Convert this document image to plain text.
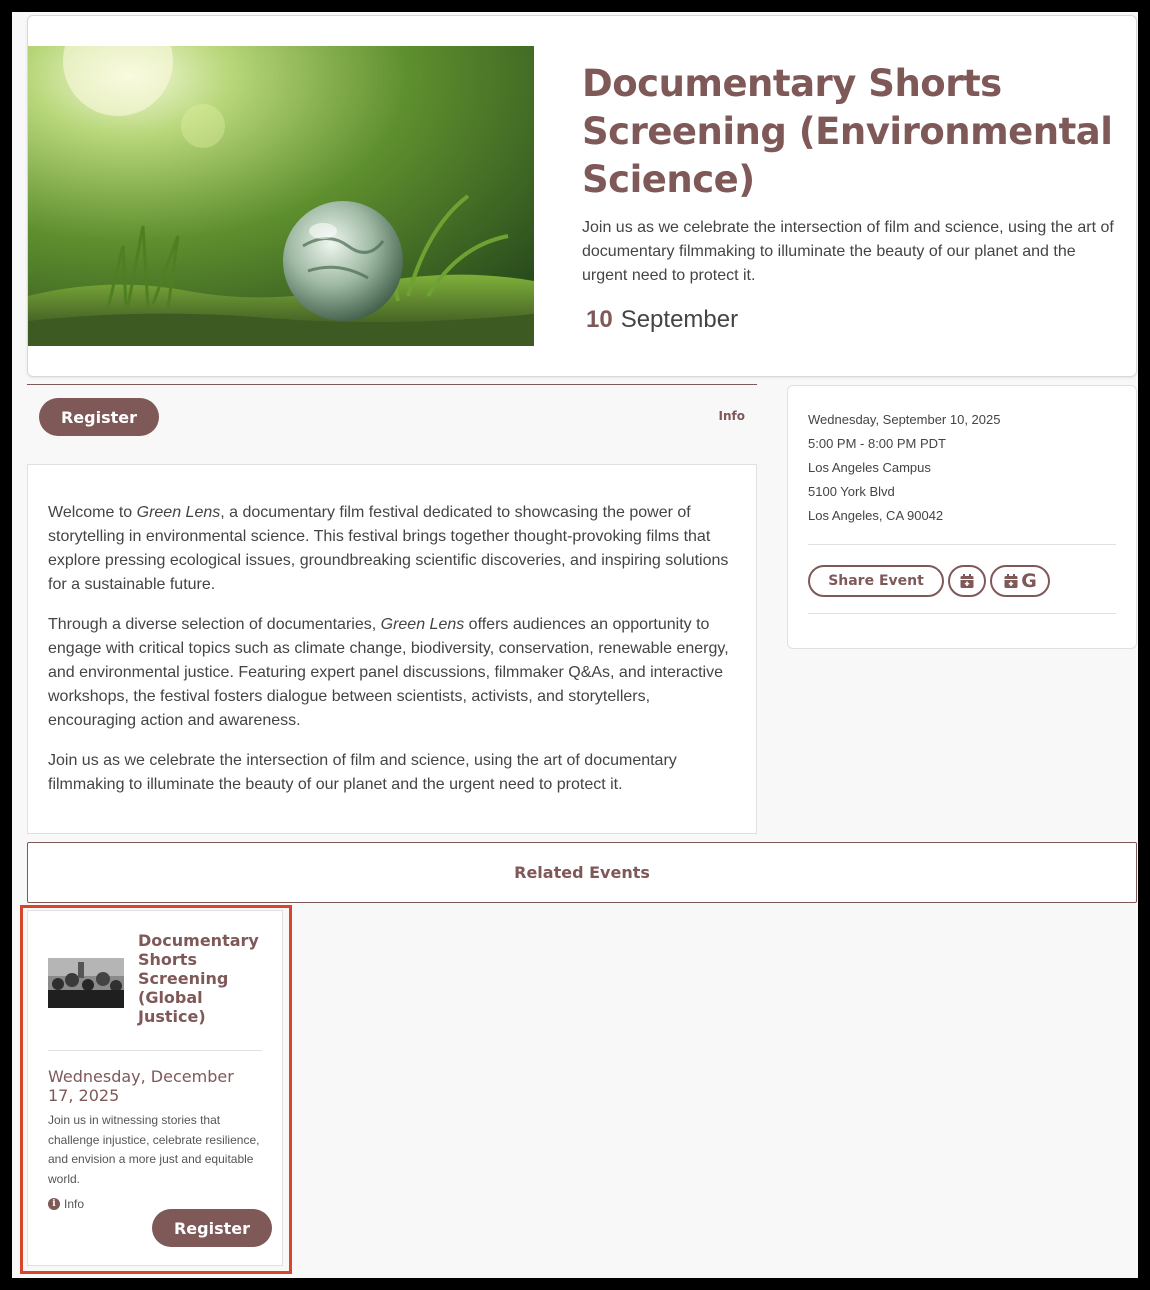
Documentary Shorts Screening (Environmental Science)

Join us as we celebrate the intersection of film and science, using the art of documentary filmmaking to illuminate the beauty of our planet and the urgent need to protect it.

10 September
Register	Info

Welcome to Green Lens, a documentary film festival dedicated to showcasing the power of storytelling in environmental science. This festival brings together thought-provoking films that explore pressing ecological issues, groundbreaking scientific discoveries, and inspiring solutions for a sustainable future.

Through a diverse selection of documentaries, Green Lens offers audiences an opportunity to engage with critical topics such as climate change, biodiversity, conservation, renewable energy, and environmental justice. Featuring expert panel discussions, filmmaker Q&As, and interactive workshops, the festival fosters dialogue between scientists, activists, and storytellers, encouraging action and awareness.

Join us as we celebrate the intersection of film and science, using the art of documentary filmmaking to illuminate the beauty of our planet and the urgent need to protect it.

Wednesday, September 10, 2025
5:00 PM - 8:00 PM PDT
Los Angeles Campus
5100 York Blvd
Los Angeles, CA 90042
Share Event	G
Related Events
Documentary Shorts Screening (Global Justice)
Wednesday, December 17, 2025
Join us in witnessing stories that challenge injustice, celebrate resilience, and envision a more just and equitable world.
i Info
Register
